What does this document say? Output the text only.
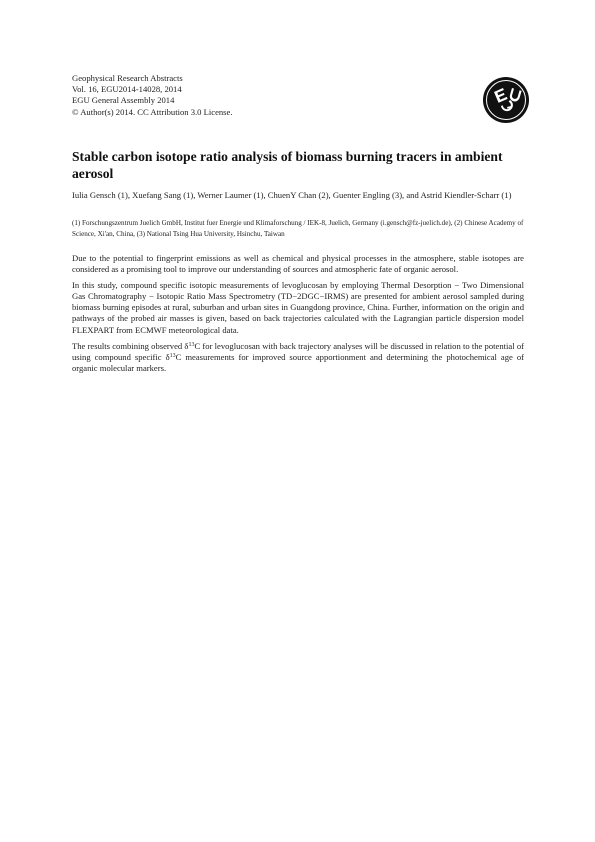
Geophysical Research Abstracts
Vol. 16, EGU2014-14028, 2014
EGU General Assembly 2014
© Author(s) 2014. CC Attribution 3.0 License.
Stable carbon isotope ratio analysis of biomass burning tracers in ambient aerosol
Iulia Gensch (1), Xuefang Sang (1), Werner Laumer (1), ChuenY Chan (2), Guenter Engling (3), and Astrid Kiendler-Scharr (1)
(1) Forschungszentrum Juelich GmbH, Institut fuer Energie und Klimaforschung / IEK-8, Juelich, Germany (i.gensch@fz-juelich.de), (2) Chinese Academy of Science, Xi'an, China, (3) National Tsing Hua University, Hsinchu, Taiwan

Due to the potential to fingerprint emissions as well as chemical and physical processes in the atmosphere, stable isotopes are considered as a promising tool to improve our understanding of sources and atmospheric fate of organic aerosol.

In this study, compound specific isotopic measurements of levoglucosan by employing Thermal Desorption − Two Dimensional Gas Chromatography − Isotopic Ratio Mass Spectrometry (TD−2DGC−IRMS) are presented for ambient aerosol sampled during biomass burning episodes at rural, suburban and urban sites in Guangdong province, China. Further, information on the origin and pathways of the probed air masses is given, based on back trajectories calculated with the Lagrangian particle dispersion model FLEXPART from ECMWF meteorological data.

The results combining observed $\delta^{13}C$ for levoglucosan with back trajectory analyses will be discussed in relation to the potential of using compound specific $\delta^{13}C$ measurements for improved source apportionment and determining the photochemical age of organic molecular markers.
